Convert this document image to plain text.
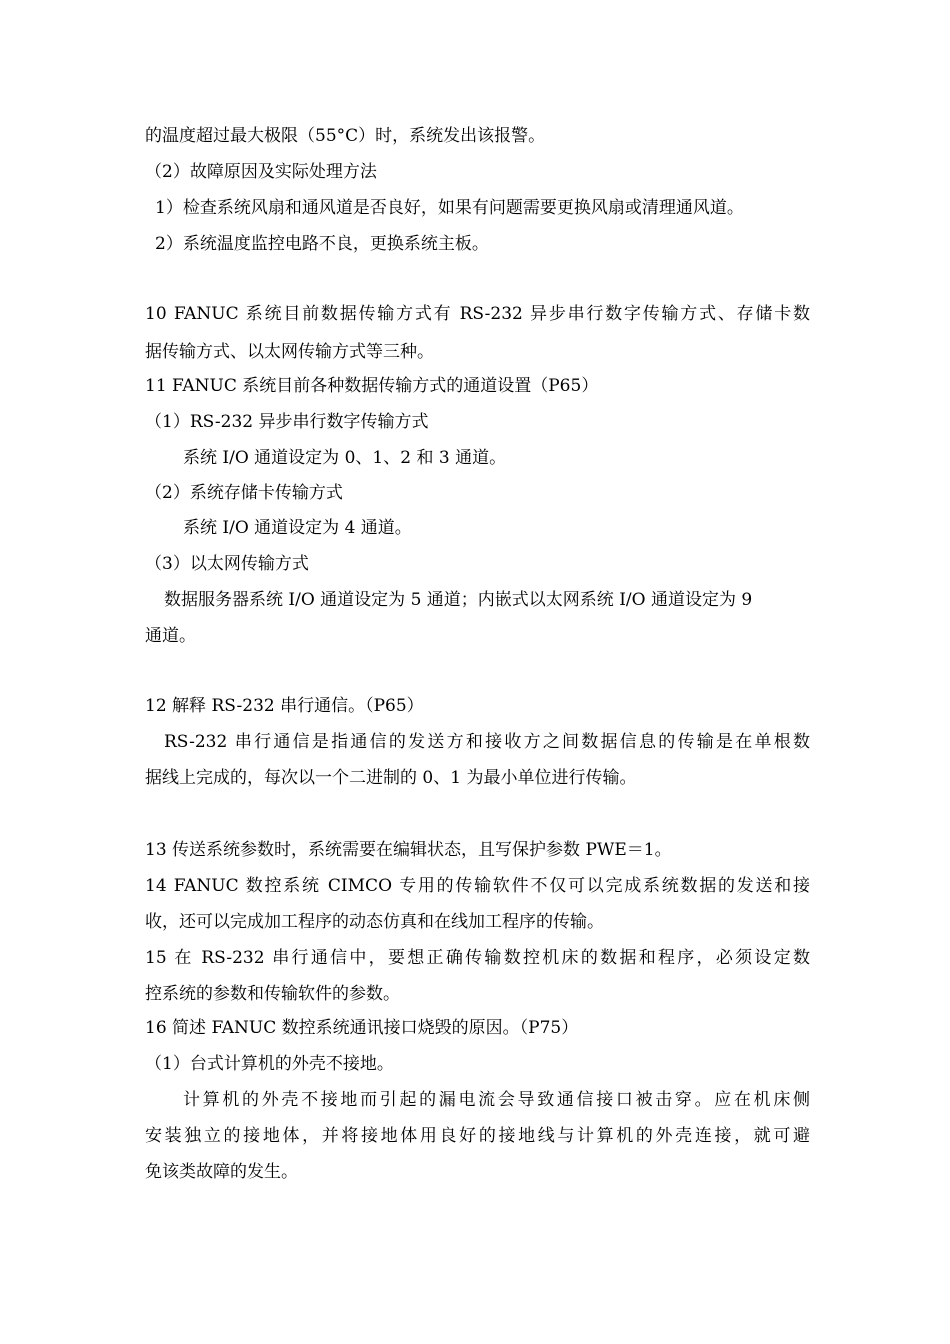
的温度超过最大极限（55°C）时，系统发出该报警。
（2）故障原因及实际处理方法
1）检查系统风扇和通风道是否良好，如果有问题需要更换风扇或清理通风道。
2）系统温度监控电路不良，更换系统主板。
10 FANUC 系统目前数据传输方式有 RS-232 异步串行数字传输方式、存储卡数
据传输方式、以太网传输方式等三种。
11 FANUC 系统目前各种数据传输方式的通道设置（P65）
（1）RS-232 异步串行数字传输方式
系统 I/O 通道设定为 0、1、2 和 3 通道。
（2）系统存储卡传输方式
系统 I/O 通道设定为 4 通道。
（3）以太网传输方式
数据服务器系统 I/O 通道设定为 5 通道；内嵌式以太网系统 I/O 通道设定为 9
通道。
12 解释 RS-232 串行通信。（P65）
RS-232 串行通信是指通信的发送方和接收方之间数据信息的传输是在单根数
据线上完成的，每次以一个二进制的 0、1 为最小单位进行传输。
13 传送系统参数时，系统需要在编辑状态，且写保护参数 PWE＝1。
14 FANUC 数控系统 CIMCO 专用的传输软件不仅可以完成系统数据的发送和接
收，还可以完成加工程序的动态仿真和在线加工程序的传输。
15 在 RS-232 串行通信中，要想正确传输数控机床的数据和程序，必须设定数
控系统的参数和传输软件的参数。
16 简述 FANUC 数控系统通讯接口烧毁的原因。（P75）
（1）台式计算机的外壳不接地。
计算机的外壳不接地而引起的漏电流会导致通信接口被击穿。应在机床侧
安装独立的接地体，并将接地体用良好的接地线与计算机的外壳连接，就可避
免该类故障的发生。
